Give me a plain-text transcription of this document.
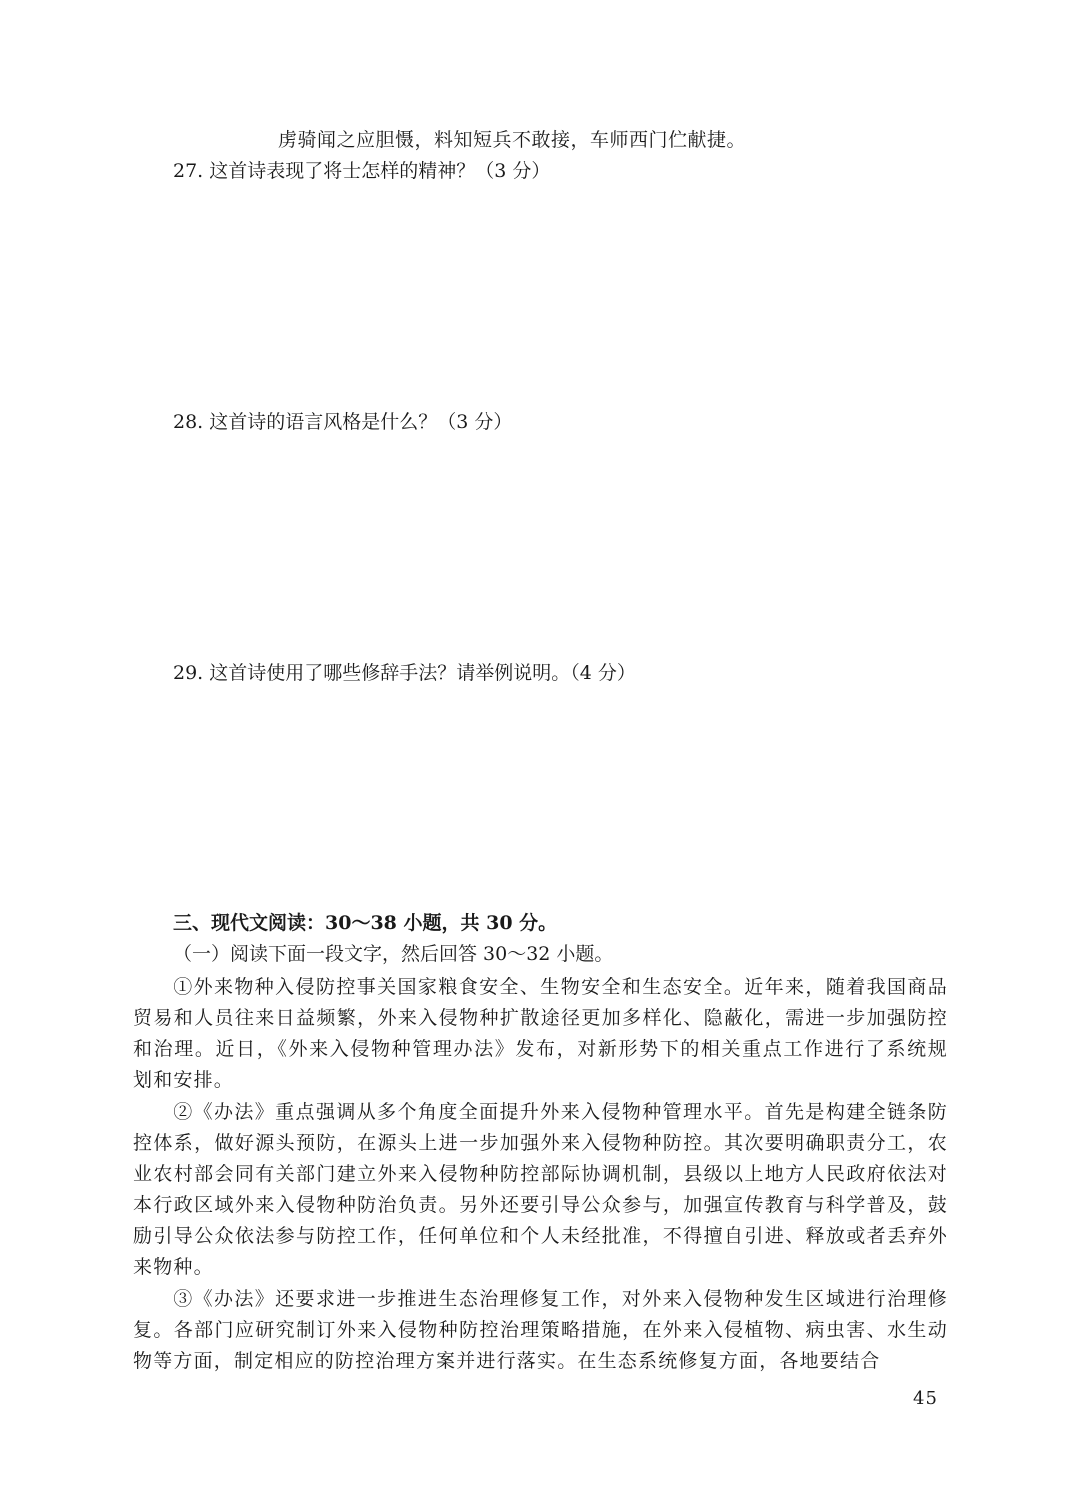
虏骑闻之应胆慑，料知短兵不敢接，车师西门伫献捷。
27. 这首诗表现了将士怎样的精神？（3 分）
28. 这首诗的语言风格是什么？（3 分）
29. 这首诗使用了哪些修辞手法？请举例说明。（4 分）
三、现代文阅读：30～38 小题，共 30 分。
（一）阅读下面一段文字，然后回答 30～32 小题。
①外来物种入侵防控事关国家粮食安全、生物安全和生态安全。近年来，随着我国商品贸易和人员往来日益频繁，外来入侵物种扩散途径更加多样化、隐蔽化，需进一步加强防控和治理。近日，《外来入侵物种管理办法》发布，对新形势下的相关重点工作进行了系统规划和安排。
②《办法》重点强调从多个角度全面提升外来入侵物种管理水平。首先是构建全链条防控体系，做好源头预防，在源头上进一步加强外来入侵物种防控。其次要明确职责分工，农业农村部会同有关部门建立外来入侵物种防控部际协调机制，县级以上地方人民政府依法对本行政区域外来入侵物种防治负责。另外还要引导公众参与，加强宣传教育与科学普及，鼓励引导公众依法参与防控工作，任何单位和个人未经批准，不得擅自引进、释放或者丢弃外来物种。
③《办法》还要求进一步推进生态治理修复工作，对外来入侵物种发生区域进行治理修复。各部门应研究制订外来入侵物种防控治理策略措施，在外来入侵植物、病虫害、水生动物等方面，制定相应的防控治理方案并进行落实。在生态系统修复方面，各地要结合
45
